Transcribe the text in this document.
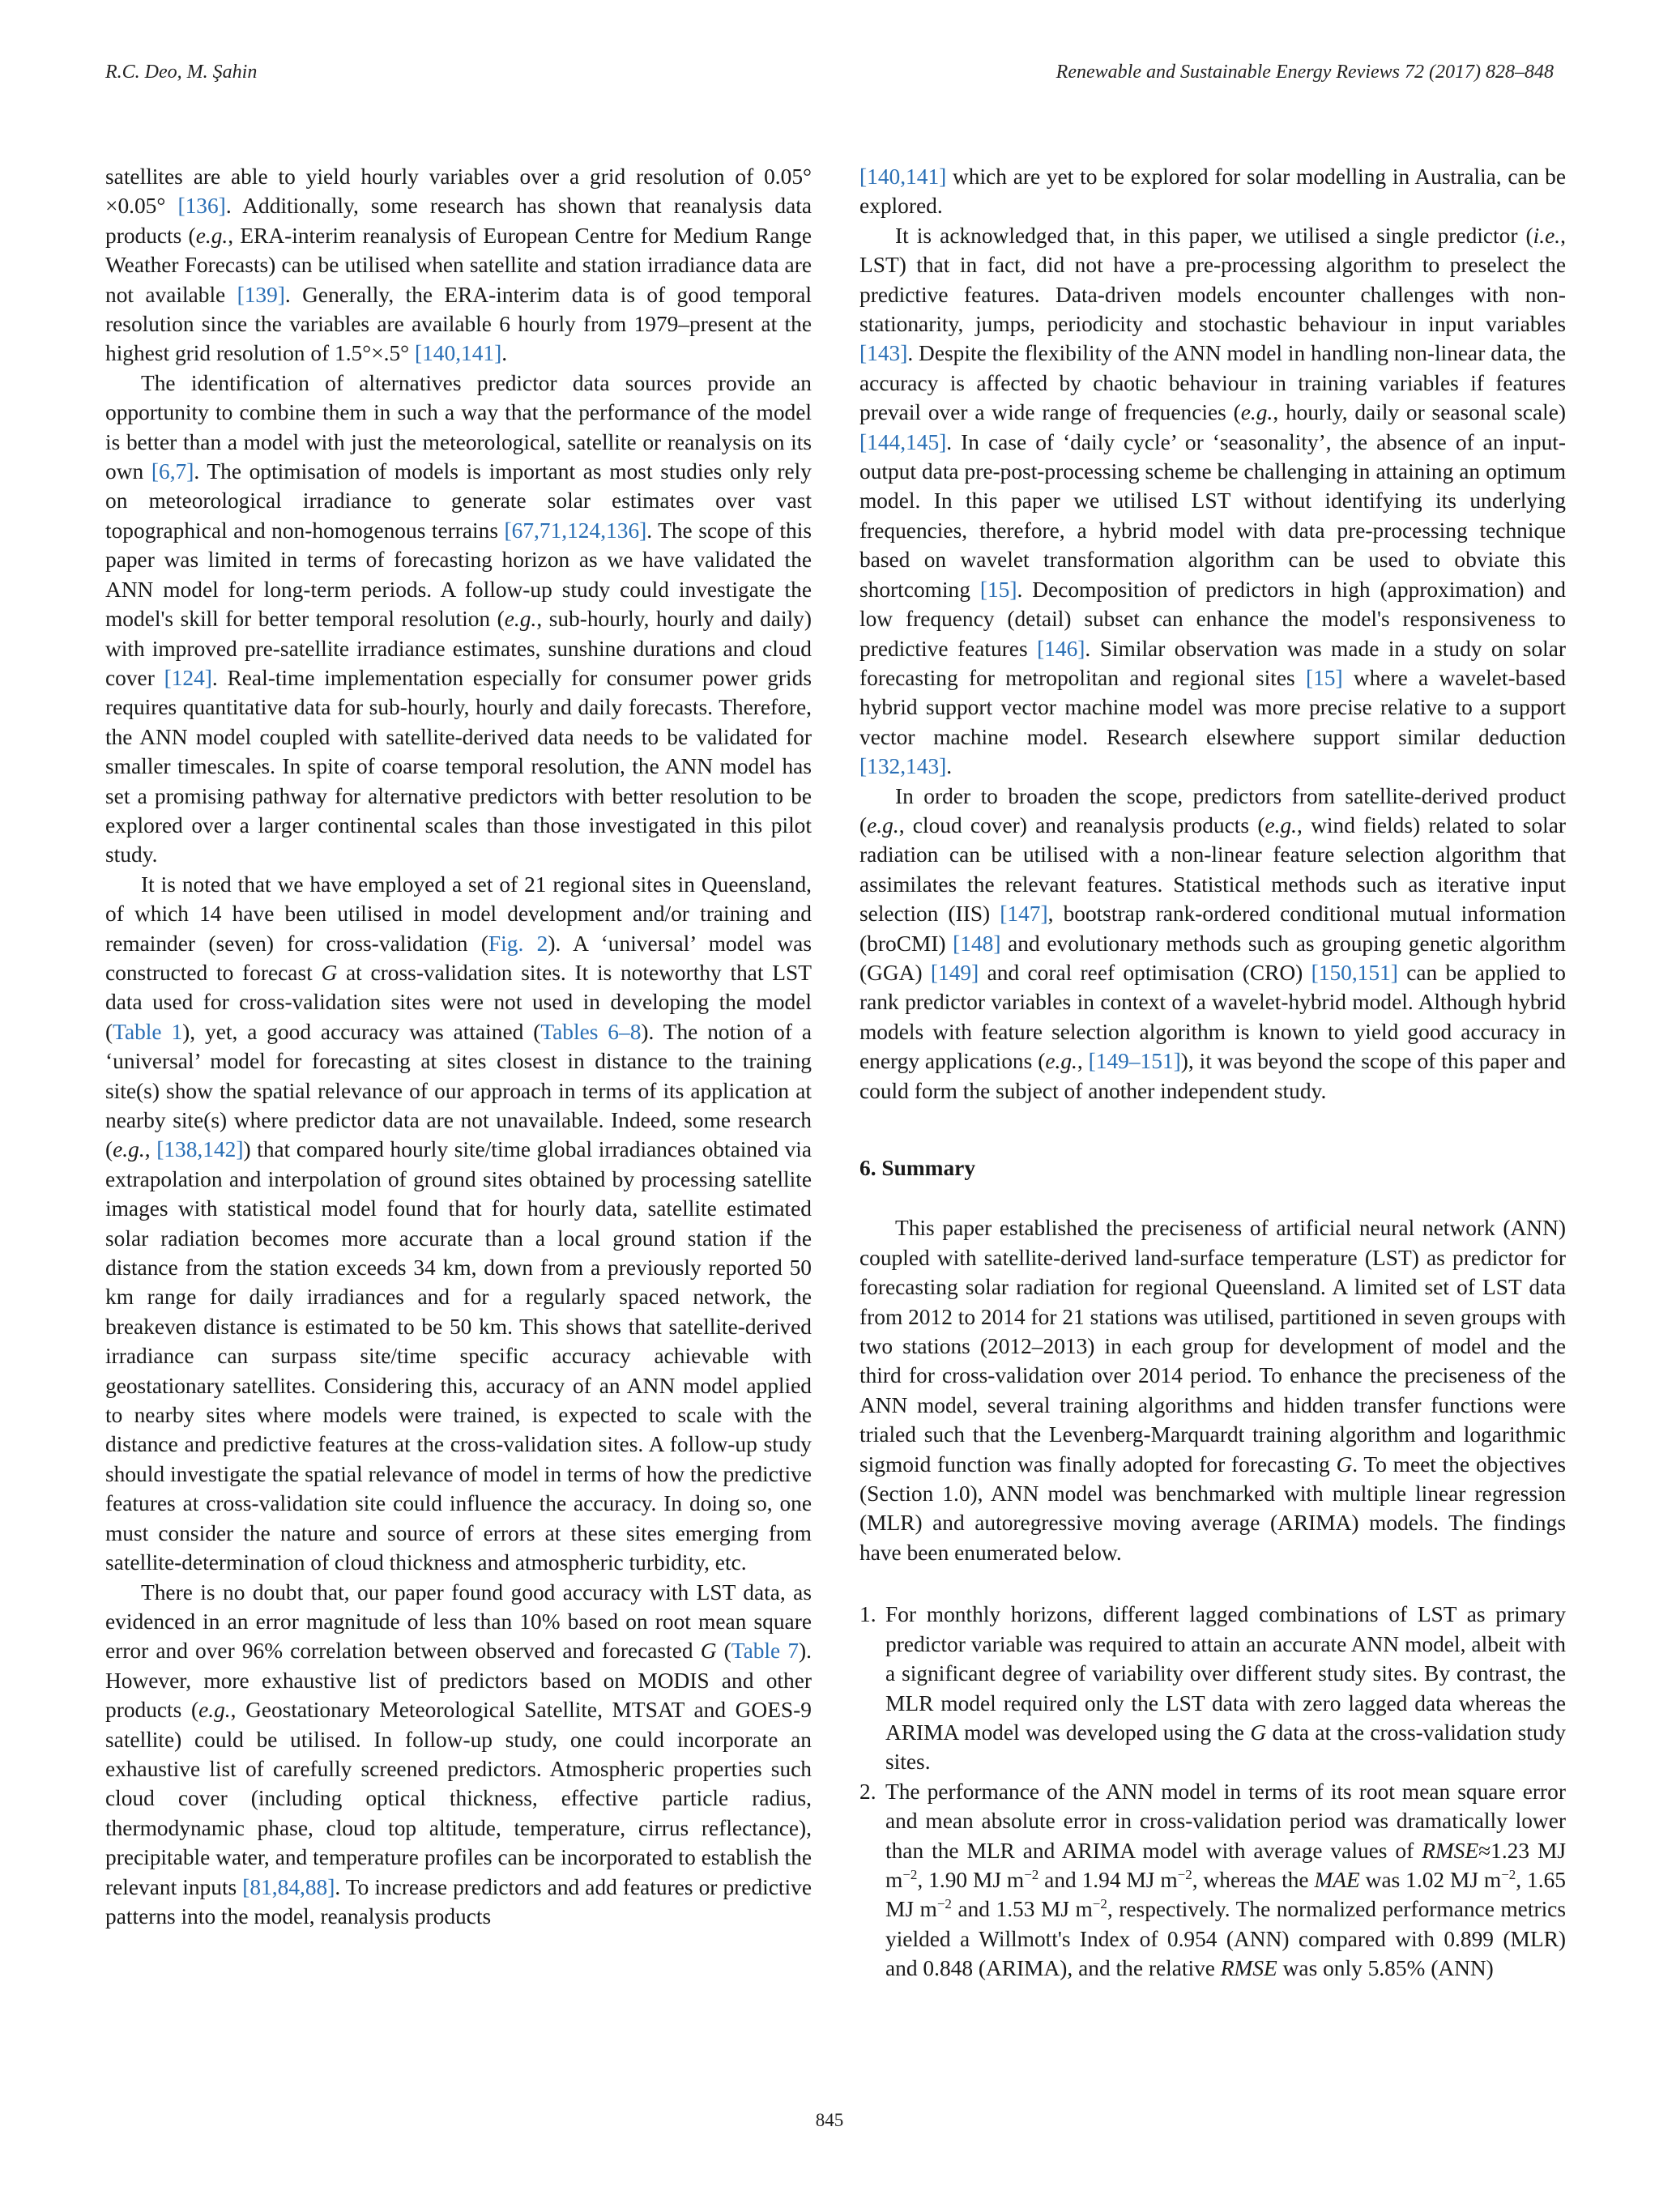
R.C. Deo, M. Şahin	Renewable and Sustainable Energy Reviews 72 (2017) 828–848

satellites are able to yield hourly variables over a grid resolution of 0.05° ×0.05° [136]. Additionally, some research has shown that reanalysis data products (e.g., ERA-interim reanalysis of European Centre for Medium Range Weather Forecasts) can be utilised when satellite and station irradiance data are not available [139]. Generally, the ERA-interim data is of good temporal resolution since the variables are available 6 hourly from 1979–present at the highest grid resolution of 1.5°×.5° [140,141].

The identification of alternatives predictor data sources provide an opportunity to combine them in such a way that the performance of the model is better than a model with just the meteorological, satellite or reanalysis on its own [6,7]. The optimisation of models is important as most studies only rely on meteorological irradiance to generate solar estimates over vast topographical and non-homogenous terrains [67,71,124,136]. The scope of this paper was limited in terms of forecasting horizon as we have validated the ANN model for long-term periods. A follow-up study could investigate the model's skill for better temporal resolution (e.g., sub-hourly, hourly and daily) with improved pre-satellite irradiance estimates, sunshine durations and cloud cover [124]. Real-time implementation especially for consumer power grids requires quantitative data for sub-hourly, hourly and daily forecasts. Therefore, the ANN model coupled with satellite-derived data needs to be validated for smaller timescales. In spite of coarse temporal resolution, the ANN model has set a promising pathway for alternative predictors with better resolution to be explored over a larger continental scales than those investigated in this pilot study.

It is noted that we have employed a set of 21 regional sites in Queensland, of which 14 have been utilised in model development and/or training and remainder (seven) for cross-validation (Fig. 2). A ‘universal’ model was constructed to forecast G at cross-validation sites. It is noteworthy that LST data used for cross-validation sites were not used in developing the model (Table 1), yet, a good accuracy was attained (Tables 6–8). The notion of a ‘universal’ model for forecasting at sites closest in distance to the training site(s) show the spatial relevance of our approach in terms of its application at nearby site(s) where predictor data are not unavailable. Indeed, some research (e.g., [138,142]) that compared hourly site/time global irradiances obtained via extrapolation and interpolation of ground sites obtained by processing satellite images with statistical model found that for hourly data, satellite estimated solar radiation becomes more accurate than a local ground station if the distance from the station exceeds 34 km, down from a previously reported 50 km range for daily irradiances and for a regularly spaced network, the breakeven distance is estimated to be 50 km. This shows that satellite-derived irradiance can surpass site/time specific accuracy achievable with geostationary satellites. Considering this, accuracy of an ANN model applied to nearby sites where models were trained, is expected to scale with the distance and predictive features at the cross-validation sites. A follow-up study should investigate the spatial relevance of model in terms of how the predictive features at cross-validation site could influence the accuracy. In doing so, one must consider the nature and source of errors at these sites emerging from satellite-determination of cloud thickness and atmospheric turbidity, etc.

There is no doubt that, our paper found good accuracy with LST data, as evidenced in an error magnitude of less than 10% based on root mean square error and over 96% correlation between observed and forecasted G (Table 7). However, more exhaustive list of predictors based on MODIS and other products (e.g., Geostationary Meteorological Satellite, MTSAT and GOES-9 satellite) could be utilised. In follow-up study, one could incorporate an exhaustive list of carefully screened predictors. Atmospheric properties such cloud cover (including optical thickness, effective particle radius, thermodynamic phase, cloud top altitude, temperature, cirrus reflectance), precipitable water, and temperature profiles can be incorporated to establish the relevant inputs [81,84,88]. To increase predictors and add features or predictive patterns into the model, reanalysis products

[140,141] which are yet to be explored for solar modelling in Australia, can be explored.

It is acknowledged that, in this paper, we utilised a single predictor (i.e., LST) that in fact, did not have a pre-processing algorithm to preselect the predictive features. Data-driven models encounter challenges with non-stationarity, jumps, periodicity and stochastic behaviour in input variables [143]. Despite the flexibility of the ANN model in handling non-linear data, the accuracy is affected by chaotic behaviour in training variables if features prevail over a wide range of frequencies (e.g., hourly, daily or seasonal scale) [144,145]. In case of ‘daily cycle’ or ‘seasonality’, the absence of an input-output data pre-post-processing scheme be challenging in attaining an optimum model. In this paper we utilised LST without identifying its underlying frequencies, therefore, a hybrid model with data pre-processing technique based on wavelet transformation algorithm can be used to obviate this shortcoming [15]. Decomposition of predictors in high (approximation) and low frequency (detail) subset can enhance the model's responsiveness to predictive features [146]. Similar observation was made in a study on solar forecasting for metropolitan and regional sites [15] where a wavelet-based hybrid support vector machine model was more precise relative to a support vector machine model. Research elsewhere support similar deduction [132,143].

In order to broaden the scope, predictors from satellite-derived product (e.g., cloud cover) and reanalysis products (e.g., wind fields) related to solar radiation can be utilised with a non-linear feature selection algorithm that assimilates the relevant features. Statistical methods such as iterative input selection (IIS) [147], bootstrap rank-ordered conditional mutual information (broCMI) [148] and evolutionary methods such as grouping genetic algorithm (GGA) [149] and coral reef optimisation (CRO) [150,151] can be applied to rank predictor variables in context of a wavelet-hybrid model. Although hybrid models with feature selection algorithm is known to yield good accuracy in energy applications (e.g., [149–151]), it was beyond the scope of this paper and could form the subject of another independent study.

6. Summary

This paper established the preciseness of artificial neural network (ANN) coupled with satellite-derived land-surface temperature (LST) as predictor for forecasting solar radiation for regional Queensland. A limited set of LST data from 2012 to 2014 for 21 stations was utilised, partitioned in seven groups with two stations (2012–2013) in each group for development of model and the third for cross-validation over 2014 period. To enhance the preciseness of the ANN model, several training algorithms and hidden transfer functions were trialed such that the Levenberg-Marquardt training algorithm and logarithmic sigmoid function was finally adopted for forecasting G. To meet the objectives (Section 1.0), ANN model was benchmarked with multiple linear regression (MLR) and autoregressive moving average (ARIMA) models. The findings have been enumerated below.

1. For monthly horizons, different lagged combinations of LST as primary predictor variable was required to attain an accurate ANN model, albeit with a significant degree of variability over different study sites. By contrast, the MLR model required only the LST data with zero lagged data whereas the ARIMA model was developed using the G data at the cross-validation study sites.
2. The performance of the ANN model in terms of its root mean square error and mean absolute error in cross-validation period was dramatically lower than the MLR and ARIMA model with average values of RMSE≈1.23 MJ $m^{-2}$, 1.90 MJ $m^{-2}$ and 1.94 MJ $m^{-2}$, whereas the MAE was 1.02 MJ $m^{-2}$, 1.65 MJ $m^{-2}$ and 1.53 MJ $m^{-2}$, respectively. The normalized performance metrics yielded a Willmott's Index of 0.954 (ANN) compared with 0.899 (MLR) and 0.848 (ARIMA), and the relative RMSE was only 5.85% (ANN)
845
